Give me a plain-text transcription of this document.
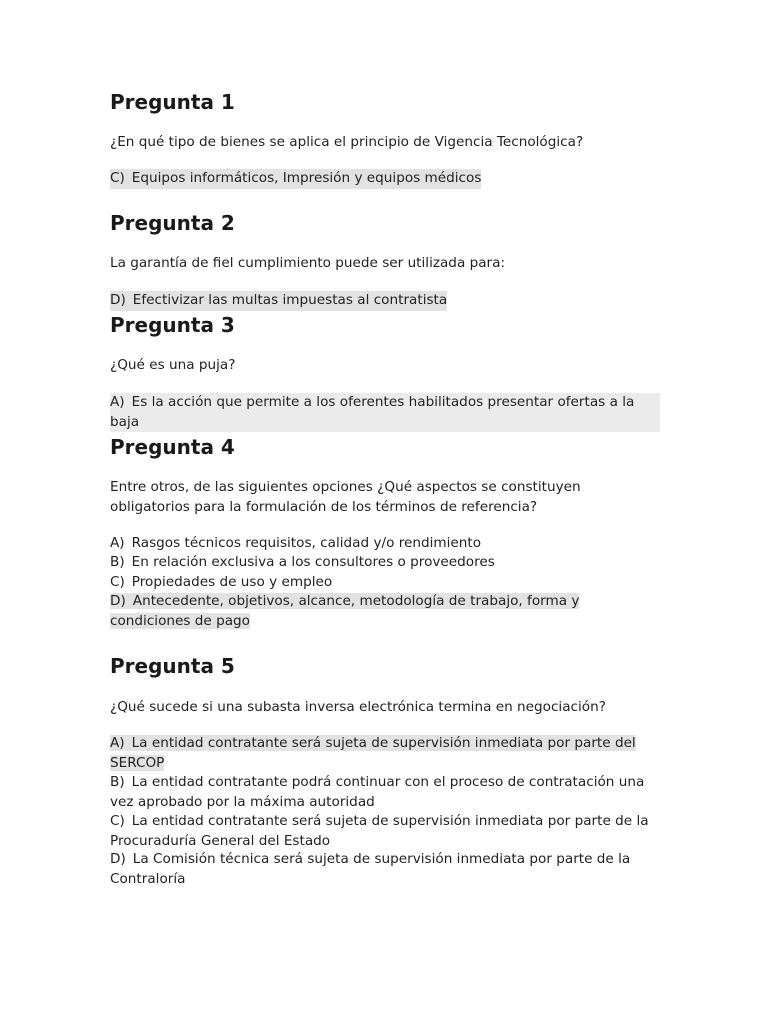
Pregunta 1

¿En qué tipo de bienes se aplica el principio de Vigencia Tecnológica?

C) Equipos informáticos, Impresión y equipos médicos

Pregunta 2

La garantía de fiel cumplimiento puede ser utilizada para:

D) Efectivizar las multas impuestas al contratista

Pregunta 3

¿Qué es una puja?

A) Es la acción que permite a los oferentes habilitados presentar ofertas a la baja

Pregunta 4

Entre otros, de las siguientes opciones ¿Qué aspectos se constituyen obligatorios para la formulación de los términos de referencia?

A) Rasgos técnicos requisitos, calidad y/o rendimiento

B) En relación exclusiva a los consultores o proveedores

C) Propiedades de uso y empleo

D) Antecedente, objetivos, alcance, metodología de trabajo, forma y condiciones de pago

Pregunta 5

¿Qué sucede si una subasta inversa electrónica termina en negociación?

A) La entidad contratante será sujeta de supervisión inmediata por parte del SERCOP

B) La entidad contratante podrá continuar con el proceso de contratación una vez aprobado por la máxima autoridad

C) La entidad contratante será sujeta de supervisión inmediata por parte de la Procuraduría General del Estado

D) La Comisión técnica será sujeta de supervisión inmediata por parte de la Contraloría
